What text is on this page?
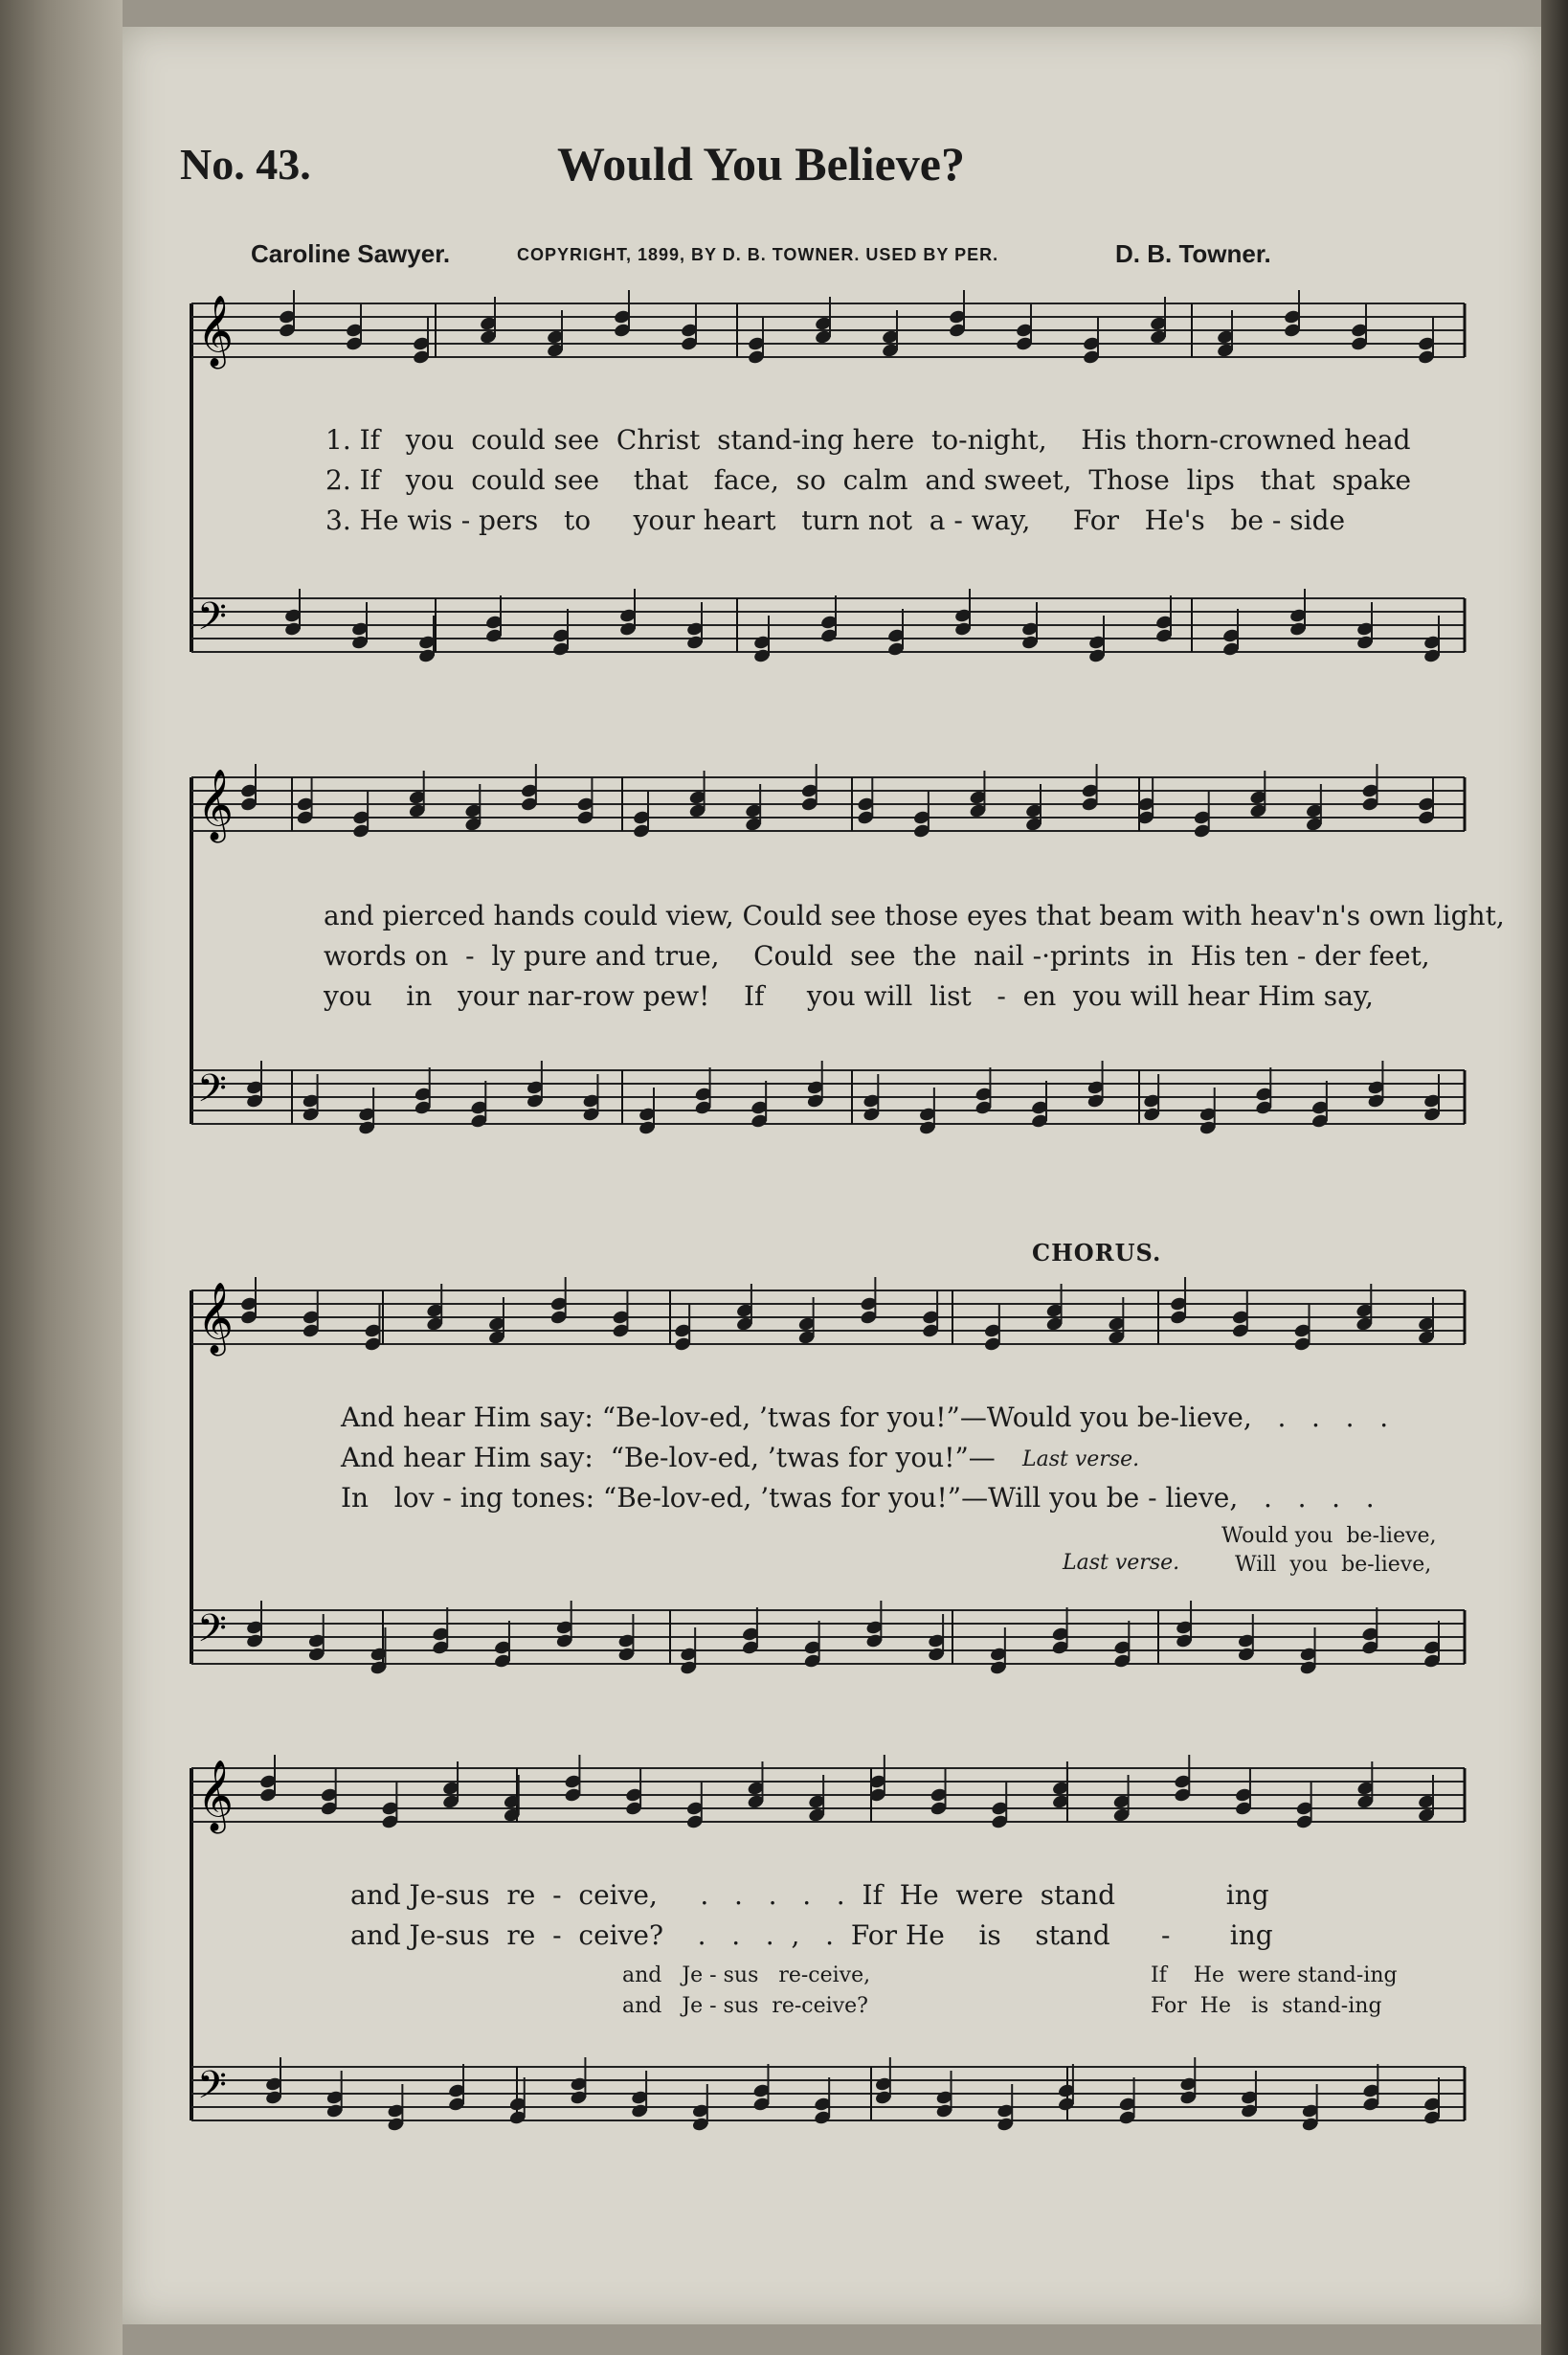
No. 43.	Would You Believe?
Caroline Sawyer.	COPYRIGHT, 1899, BY D. B. TOWNER. USED BY PER.	D. B. Towner.
𝄞
𝄢
1. If   you  could see  Christ  stand-ing here  to-night,    His thorn-crowned head
2. If   you  could see    that   face,  so  calm  and sweet,  Those  lips   that  spake
3. He wis - pers   to     your heart   turn not  a - way,     For   He's   be - side
𝄞
𝄢
and pierced hands could view, Could see those eyes that beam with heav'n's own light,
words on  -  ly pure and true,    Could  see  the  nail -·prints  in  His ten - der feet,
you    in   your nar-row pew!    If     you will  list   -  en  you will hear Him say,
𝄞
𝄢
CHORUS.
And hear Him say: “Be-lov-ed, ’twas for you!”—Would you be-lieve,   .   .   .   .
And hear Him say:  “Be-lov-ed, ’twas for you!”— Last verse.
In   lov - ing tones: “Be-lov-ed, ’twas for you!”—Will you be - lieve,   .   .   .   .
Would you  be-lieve,
Last verse.	Will  you  be-lieve,
𝄞
𝄢
and Je-sus  re  -  ceive,     .   .   .   .   .  If  He  were  stand             ing
and Je-sus  re  -  ceive?    .   .   .  ,   .  For He    is    stand      -       ing
and   Je - sus   re-ceive,
and   Je - sus  re-ceive?
If    He  were stand-ing
For  He   is  stand-ing
